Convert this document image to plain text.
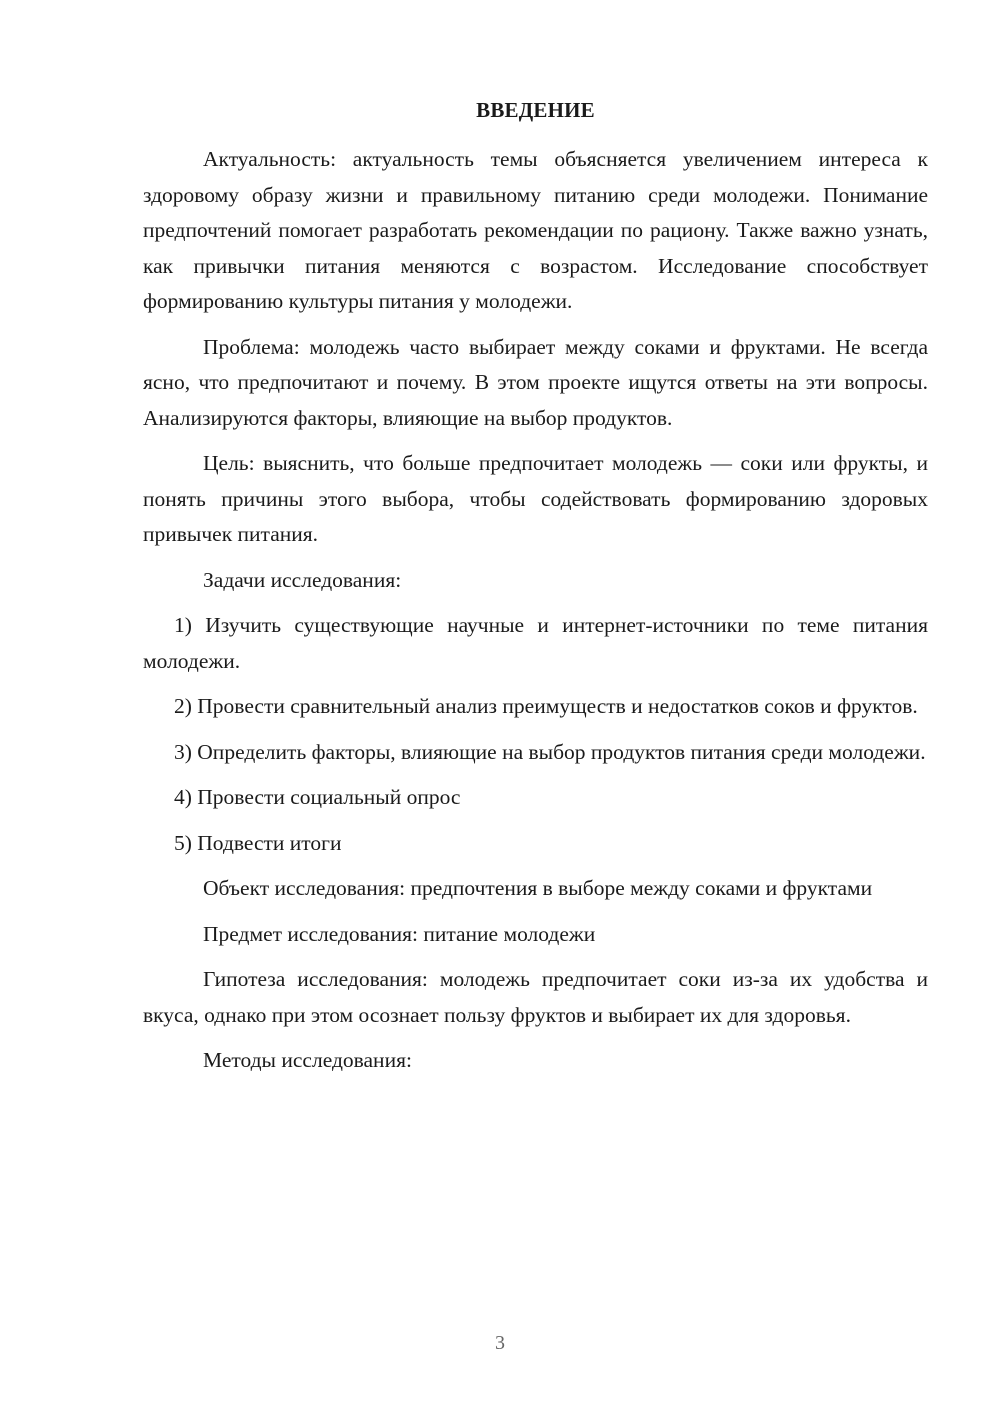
ВВЕДЕНИЕ

Актуальность: актуальность темы объясняется увеличением интереса к здоровому образу жизни и правильному питанию среди молодежи. Понимание предпочтений помогает разработать рекомендации по рациону. Также важно узнать, как привычки питания меняются с возрастом. Исследование способствует формированию культуры питания у молодежи.

Проблема: молодежь часто выбирает между соками и фруктами. Не всегда ясно, что предпочитают и почему. В этом проекте ищутся ответы на эти вопросы. Анализируются факторы, влияющие на выбор продуктов.

Цель: выяснить, что больше предпочитает молодежь — соки или фрукты, и понять причины этого выбора, чтобы содействовать формированию здоровых привычек питания.

Задачи исследования:

1) Изучить существующие научные и интернет-источники по теме питания молодежи.

2) Провести сравнительный анализ преимуществ и недостатков соков и фруктов.

3) Определить факторы, влияющие на выбор продуктов питания среди молодежи.

4) Провести социальный опрос

5) Подвести итоги

Объект исследования: предпочтения в выборе между соками и фруктами

Предмет исследования: питание молодежи

Гипотеза исследования: молодежь предпочитает соки из-за их удобства и вкуса, однако при этом осознает пользу фруктов и выбирает их для здоровья.

Методы исследования:

3
